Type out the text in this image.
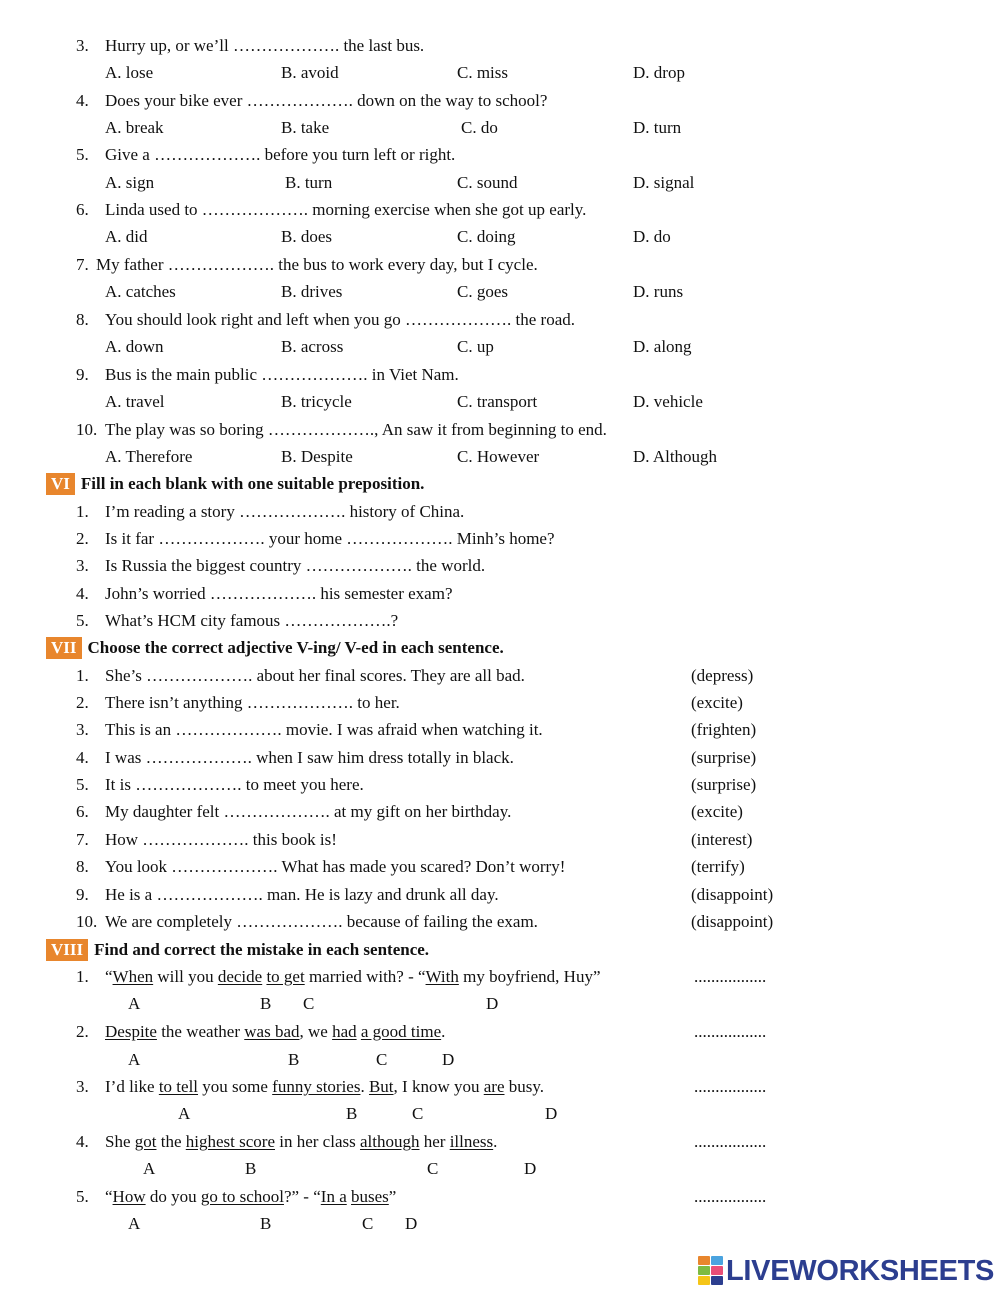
3. Hurry up, or we’ll ………………. the last bus.
A. lose	B. avoid	C. miss	D. drop
4. Does your bike ever ………………. down on the way to school?
A. break	B. take	C. do	D. turn
5. Give a ………………. before you turn left or right.
A. sign	B. turn	C. sound	D. signal
6. Linda used to ………………. morning exercise when she got up early.
A. did	B. does	C. doing	D. do
7. My father ………………. the bus to work every day, but I cycle.
A. catches	B. drives	C. goes	D. runs
8. You should look right and left when you go ………………. the road.
A. down	B. across	C. up	D. along
9. Bus is the main public ………………. in Viet Nam.
A. travel	B. tricycle	C. transport	D. vehicle
10. The play was so boring ………………., An saw it from beginning to end.
A. Therefore	B. Despite	C. However	D. Although
VI Fill in each blank with one suitable preposition.
1. I’m reading a story ………………. history of China.
2. Is it far ………………. your home ………………. Minh’s home?
3. Is Russia the biggest country ………………. the world.
4. John’s worried ………………. his semester exam?
5. What’s HCM city famous ……………….?
VII Choose the correct adjective V-ing/ V-ed in each sentence.
1. She’s ………………. about her final scores. They are all bad.	(depress)
2. There isn’t anything ………………. to her.	(excite)
3. This is an ………………. movie. I was afraid when watching it.	(frighten)
4. I was ………………. when I saw him dress totally in black.	(surprise)
5. It is ………………. to meet you here.	(surprise)
6. My daughter felt ………………. at my gift on her birthday.	(excite)
7. How ………………. this book is!	(interest)
8. You look ………………. What has made you scared? Don’t worry!	(terrify)
9. He is a ………………. man. He is lazy and drunk all day.	(disappoint)
10. We are completely ………………. because of failing the exam.	(disappoint)
VIII Find and correct the mistake in each sentence.
1. “When will you decide to get married with? - “With my boyfriend, Huy”	.................
A	B C	D
2. Despite the weather was bad, we had a good time.	.................
A	B	C	D
3. I’d like to tell you some funny stories. But, I know you are busy.	.................
A	B	C	D
4. She got the highest score in her class although her illness.	.................
A	B	C	D
5. “How do you go to school?” - “In a buses”	.................
A	B	C D
LIVEWORKSHEETS
